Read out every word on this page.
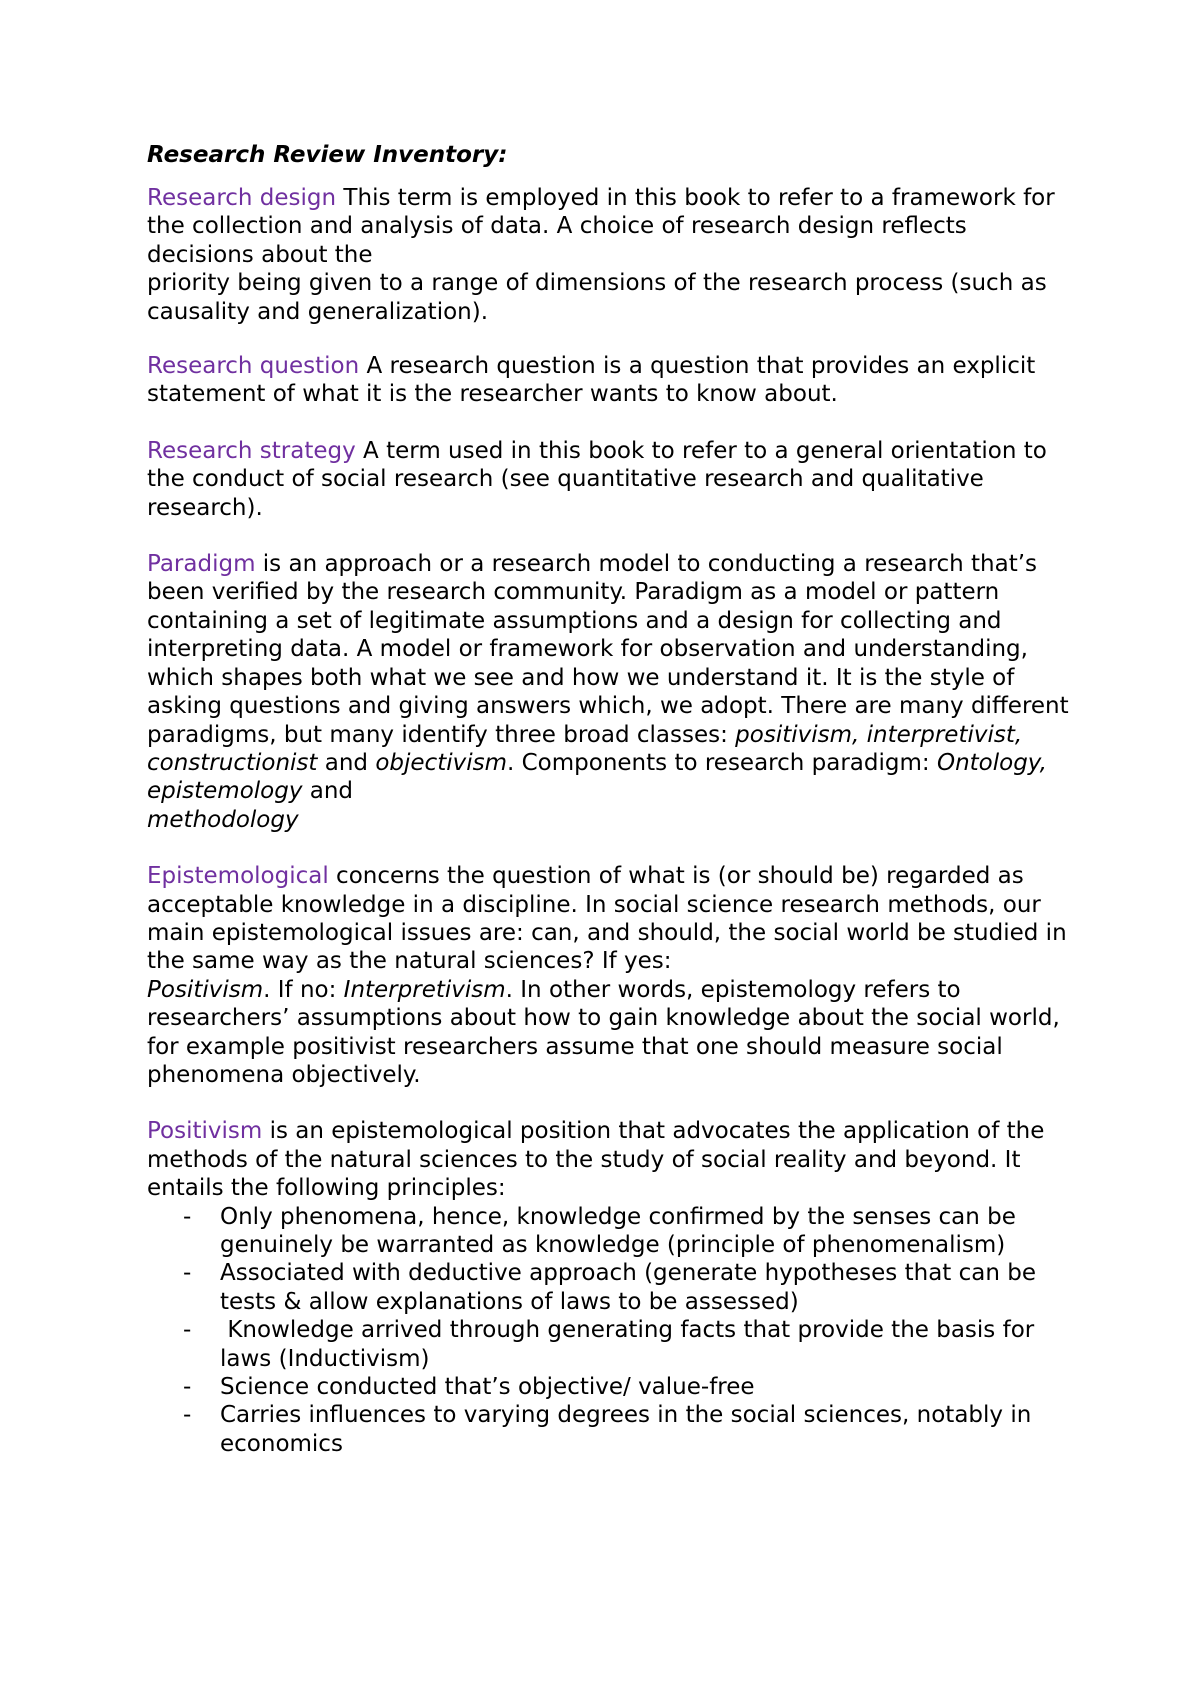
Research Review Inventory:

Research design This term is employed in this book to refer to a framework for the collection and analysis of data. A choice of research design reflects decisions about the
priority being given to a range of dimensions of the research process (such as causality and generalization).

Research question A research question is a question that provides an explicit statement of what it is the researcher wants to know about.

Research strategy A term used in this book to refer to a general orientation to the conduct of social research (see quantitative research and qualitative research).

Paradigm is an approach or a research model to conducting a research that’s been verified by the research community. Paradigm as a model or pattern containing a set of legitimate assumptions and a design for collecting and interpreting data. A model or framework for observation and understanding, which shapes both what we see and how we understand it. It is the style of asking questions and giving answers which, we adopt. There are many different paradigms, but many identify three broad classes: positivism, interpretivist, constructionist and objectivism. Components to research paradigm: Ontology, epistemology and
methodology

Epistemological concerns the question of what is (or should be) regarded as acceptable knowledge in a discipline. In social science research methods, our main epistemological issues are: can, and should, the social world be studied in the same way as the natural sciences? If yes:
Positivism. If no: Interpretivism. In other words, epistemology refers to researchers’ assumptions about how to gain knowledge about the social world, for example positivist researchers assume that one should measure social phenomena objectively.

Positivism is an epistemological position that advocates the application of the methods of the natural sciences to the study of social reality and beyond. It entails the following principles:
- Only phenomena, hence, knowledge confirmed by the senses can be genuinely be warranted as knowledge (principle of phenomenalism)
- Associated with deductive approach (generate hypotheses that can be tests & allow explanations of laws to be assessed)
- Knowledge arrived through generating facts that provide the basis for laws (Inductivism)
- Science conducted that’s objective/ value-free
- Carries influences to varying degrees in the social sciences, notably in economics
